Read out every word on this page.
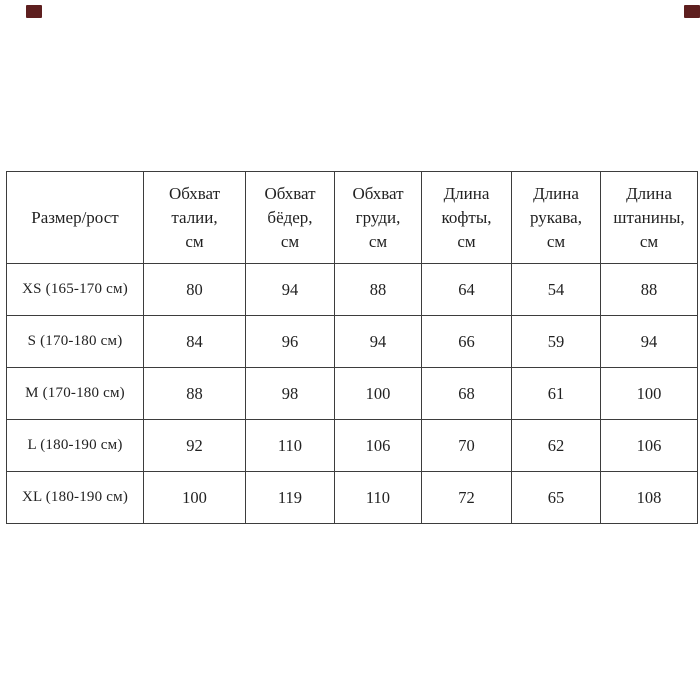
Размер/рост	Обхват
талии,
см	Обхват
бёдер,
см	Обхват
груди,
см	Длина
кофты,
см	Длина
рукава,
см	Длина
штанины,
см

XS (165-170 см)	80	94	88	64	54	88
S (170-180 см)	84	96	94	66	59	94
M (170-180 см)	88	98	100	68	61	100
L (180-190 см)	92	110	106	70	62	106
XL (180-190 см)	100	119	110	72	65	108
